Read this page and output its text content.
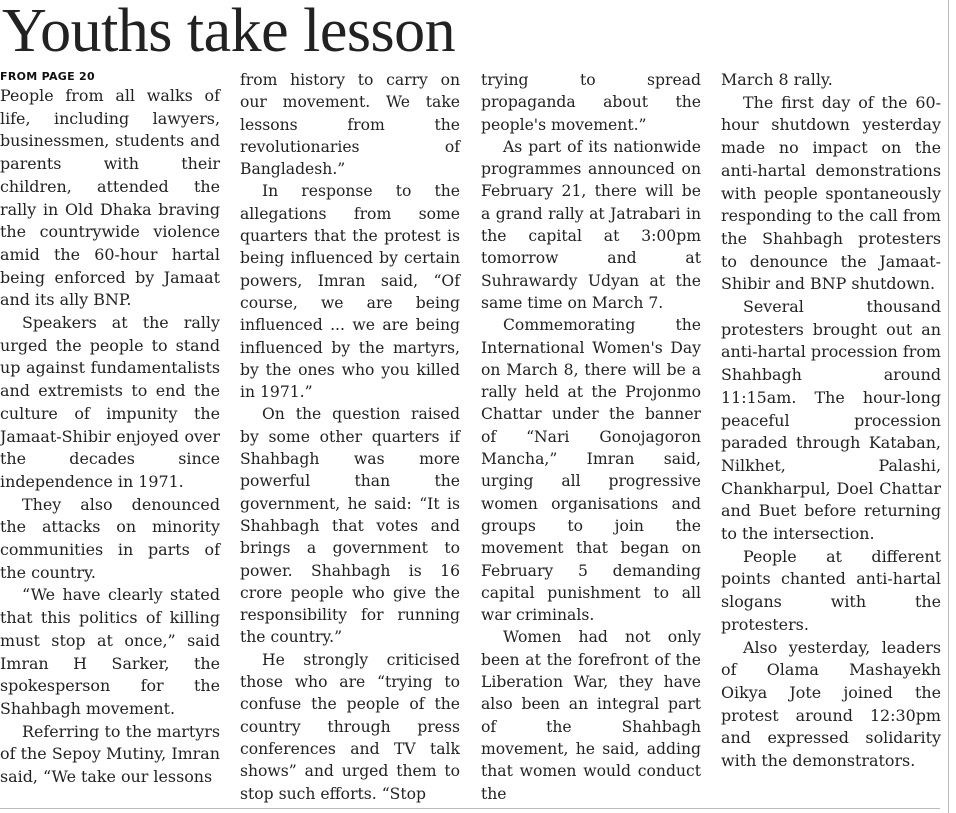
Youths take lesson
FROM PAGE 20

People from all walks of life, including lawyers, businessmen, students and parents with their children, attended the rally in Old Dhaka braving the countrywide violence amid the 60-hour hartal being enforced by Jamaat and its ally BNP.

Speakers at the rally urged the people to stand up against fundamentalists and extremists to end the culture of impunity the Jamaat-Shibir enjoyed over the decades since independence in 1971.

They also denounced the attacks on minority communities in parts of the country.

“We have clearly stated that this politics of killing must stop at once,” said Imran H Sarker, the spokesperson for the Shahbagh movement.

Referring to the martyrs of the Sepoy Mutiny, Imran said, “We take our lessons

from history to carry on our movement. We take lessons from the revolutionaries of Bangladesh.”

In response to the allegations from some quarters that the protest is being influenced by certain powers, Imran said, “Of course, we are being influenced ... we are being influenced by the martyrs, by the ones who you killed in 1971.”

On the question raised by some other quarters if Shahbagh was more powerful than the government, he said: “It is Shahbagh that votes and brings a government to power. Shahbagh is 16 crore people who give the responsibility for running the country.”

He strongly criticised those who are “trying to confuse the people of the country through press conferences and TV talk shows” and urged them to stop such efforts. “Stop

trying to spread propaganda about the people's movement.”

As part of its nationwide programmes announced on February 21, there will be a grand rally at Jatrabari in the capital at 3:00pm tomorrow and at Suhrawardy Udyan at the same time on March 7.

Commemorating the International Women's Day on March 8, there will be a rally held at the Projonmo Chattar under the banner of “Nari Gonojagoron Mancha,” Imran said, urging all progressive women organisations and groups to join the movement that began on February 5 demanding capital punishment to all war criminals.

Women had not only been at the forefront of the Liberation War, they have also been an integral part of the Shahbagh movement, he said, adding that women would conduct the

March 8 rally.

The first day of the 60-hour shutdown yesterday made no impact on the anti-hartal demonstrations with people spontaneously responding to the call from the Shahbagh protesters to denounce the Jamaat-Shibir and BNP shutdown.

Several thousand protesters brought out an anti-hartal procession from Shahbagh around 11:15am. The hour-long peaceful procession paraded through Kataban, Nilkhet, Palashi, Chankharpul, Doel Chattar and Buet before returning to the intersection.

People at different points chanted anti-hartal slogans with the protesters.

Also yesterday, leaders of Olama Mashayekh Oikya Jote joined the protest around 12:30pm and expressed solidarity with the demonstrators.
